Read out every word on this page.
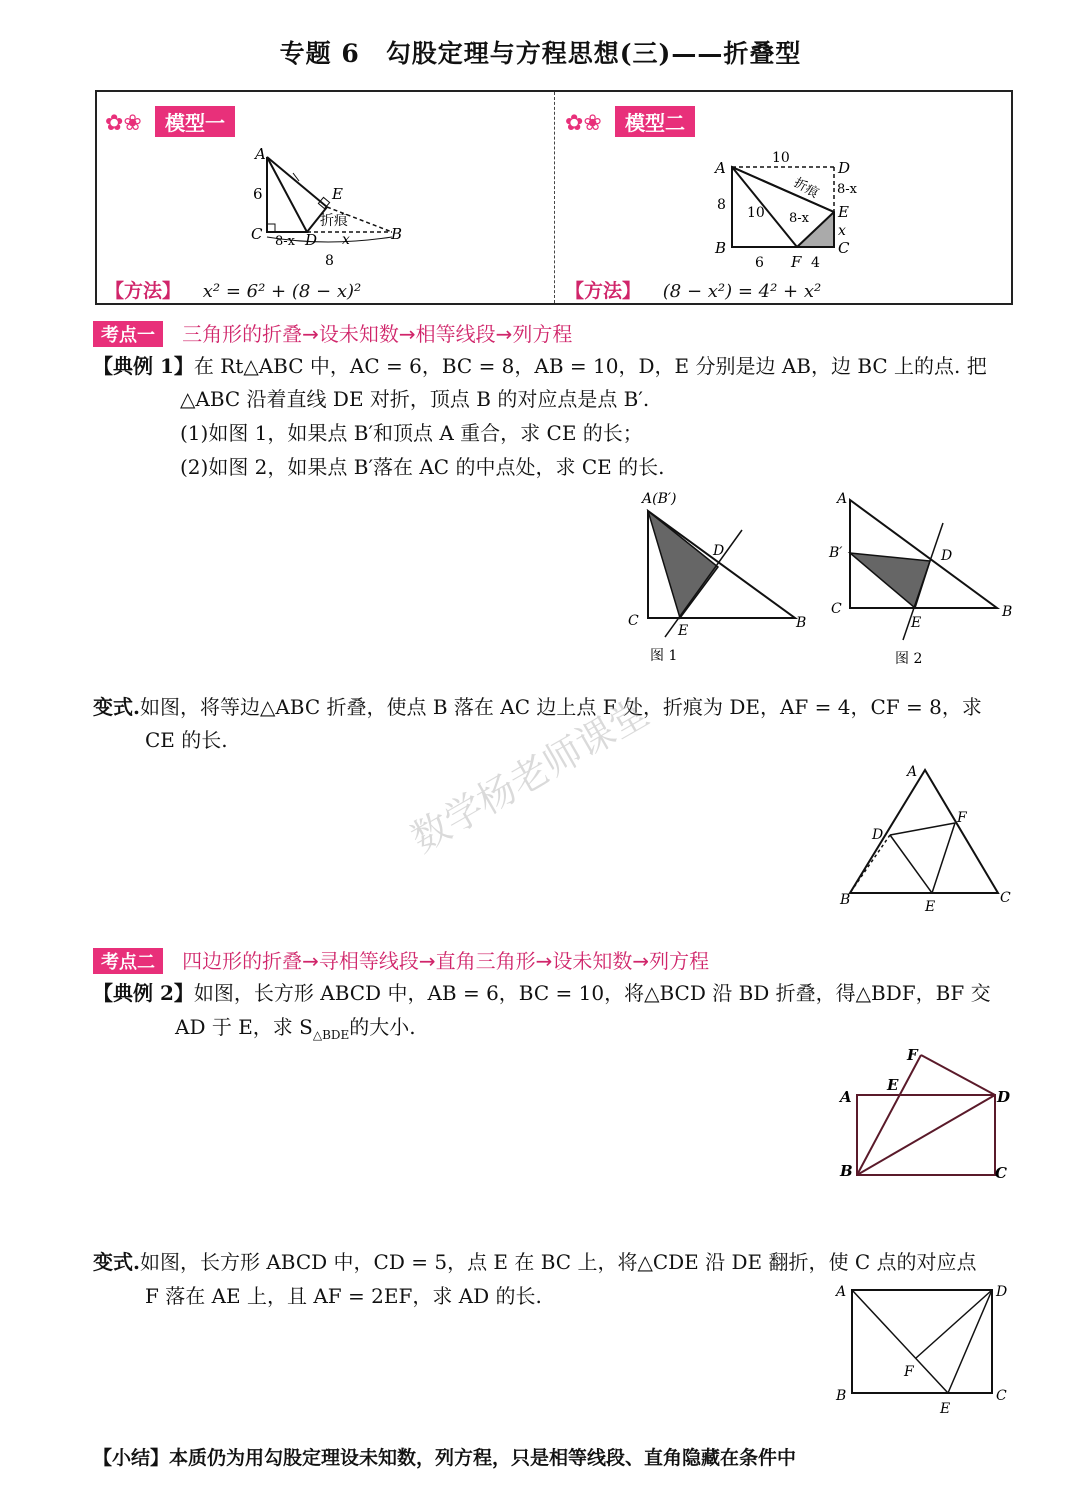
专题 6　勾股定理与方程思想(三)——折叠型
✿❀ 模型一
A
B
C	D
E
6
8
8-x	x
折痕
【方法】 x² = 6² + (8 − x)²
✿❀ 模型二
A	D
B	C
E
F
10
10
8
8-x
8-x
x
6	4
折痕
【方法】 (8 − x²) = 4² + x²
考点一 三角形的折叠→设未知数→相等线段→列方程
【典例 1】在 Rt△ABC 中，AC = 6，BC = 8，AB = 10，D，E 分别是边 AB，边 BC 上的点. 把
△ABC 沿着直线 DE 对折，顶点 B 的对应点是点 B′.
(1)如图 1，如果点 B′和顶点 A 重合，求 CE 的长；
(2)如图 2，如果点 B′落在 AC 的中点处，求 CE 的长.
A(B′)
C	B
D
E
图 1
A
B′
C	B
D
E
图 2
变式.如图，将等边△ABC 折叠，使点 B 落在 AC 边上点 F 处，折痕为 DE，AF = 4，CF = 8，求
CE 的长.
A
B	C
D
E
F
数学杨老师课堂
考点二 四边形的折叠→寻相等线段→直角三角形→设未知数→列方程
【典例 2】如图，长方形 ABCD 中，AB = 6，BC = 10，将△BCD 沿 BD 折叠，得△BDF，BF 交
AD 于 E，求 $S_{\triangle BDE}$的大小.
A
B	C
D
E
F
变式.如图，长方形 ABCD 中，CD = 5，点 E 在 BC 上，将△CDE 沿 DE 翻折，使 C 点的对应点
F 落在 AE 上，且 AF = 2EF，求 AD 的长.	A
B	C
D
E
F
【小结】本质仍为用勾股定理设未知数，列方程，只是相等线段、直角隐藏在条件中
